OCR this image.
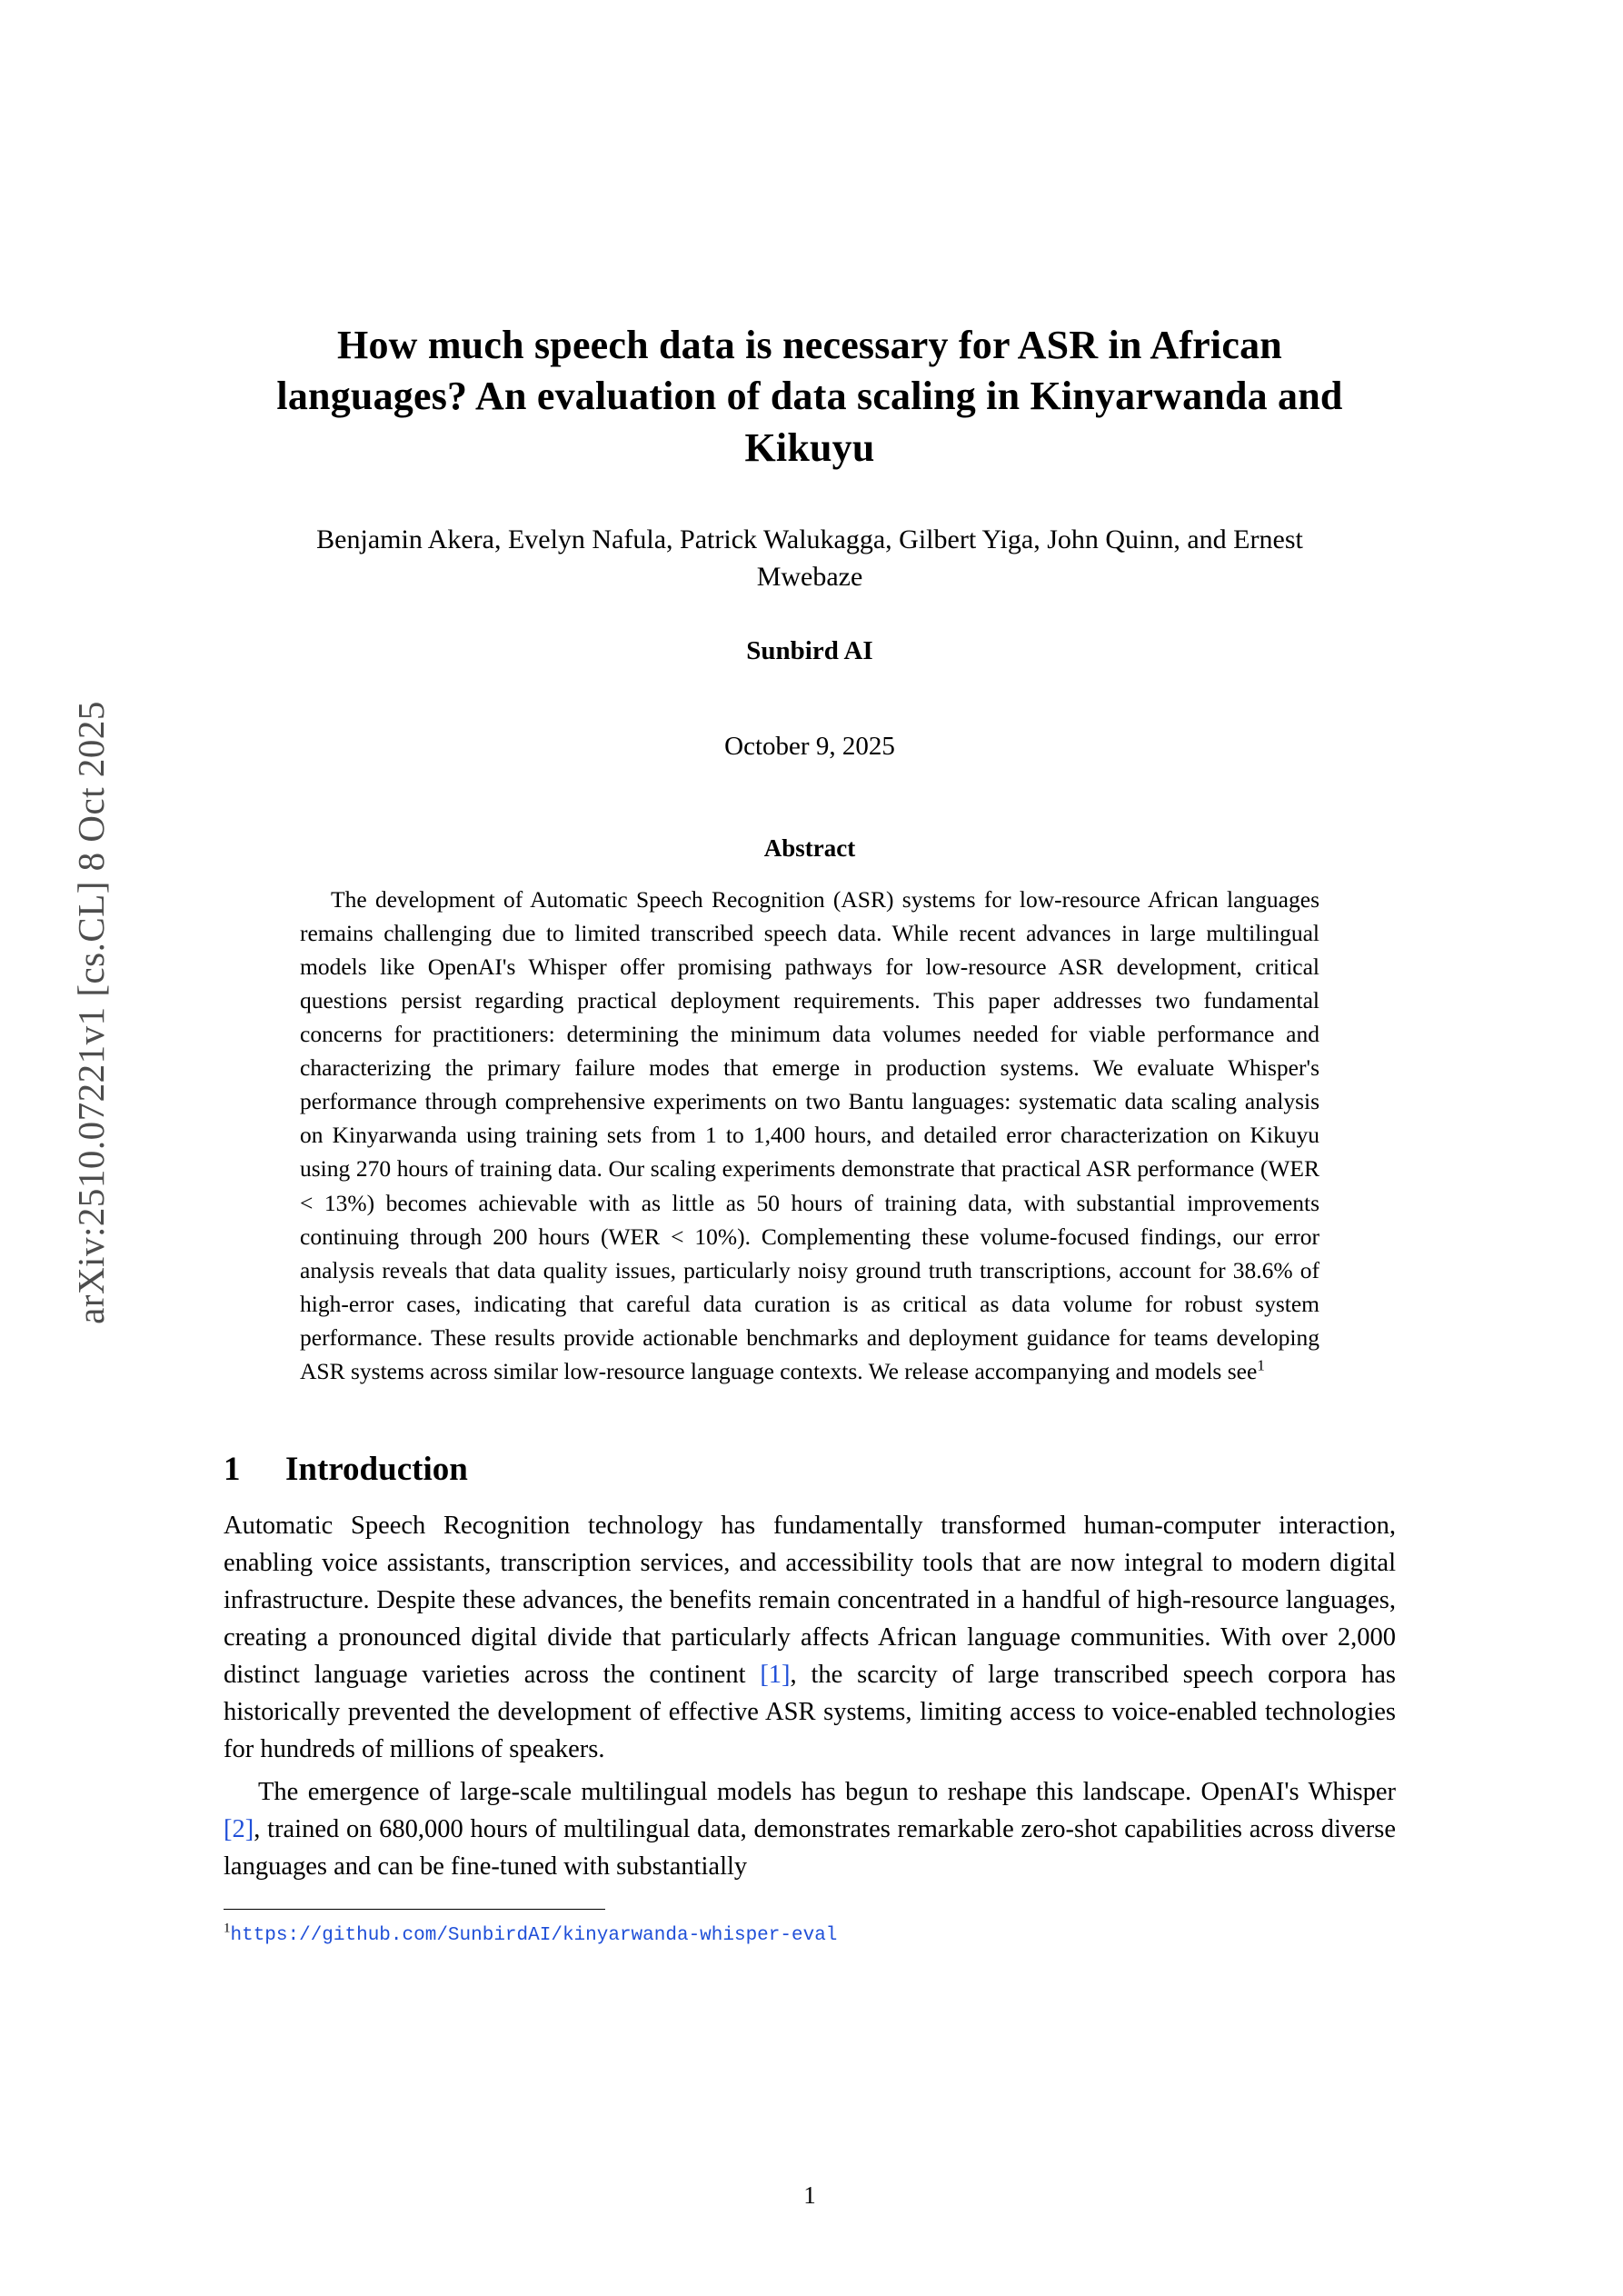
arXiv:2510.07221v1 [cs.CL] 8 Oct 2025
How much speech data is necessary for ASR in African languages? An evaluation of data scaling in Kinyarwanda and Kikuyu
Benjamin Akera, Evelyn Nafula, Patrick Walukagga, Gilbert Yiga, John Quinn, and Ernest Mwebaze
Sunbird AI
October 9, 2025
Abstract
The development of Automatic Speech Recognition (ASR) systems for low-resource African languages remains challenging due to limited transcribed speech data. While recent advances in large multilingual models like OpenAI's Whisper offer promising pathways for low-resource ASR development, critical questions persist regarding practical deployment requirements. This paper addresses two fundamental concerns for practitioners: determining the minimum data volumes needed for viable performance and characterizing the primary failure modes that emerge in production systems. We evaluate Whisper's performance through comprehensive experiments on two Bantu languages: systematic data scaling analysis on Kinyarwanda using training sets from 1 to 1,400 hours, and detailed error characterization on Kikuyu using 270 hours of training data. Our scaling experiments demonstrate that practical ASR performance (WER < 13%) becomes achievable with as little as 50 hours of training data, with substantial improvements continuing through 200 hours (WER < 10%). Complementing these volume-focused findings, our error analysis reveals that data quality issues, particularly noisy ground truth transcriptions, account for 38.6% of high-error cases, indicating that careful data curation is as critical as data volume for robust system performance. These results provide actionable benchmarks and deployment guidance for teams developing ASR systems across similar low-resource language contexts. We release accompanying and models see$^1$
1 Introduction
Automatic Speech Recognition technology has fundamentally transformed human-computer interaction, enabling voice assistants, transcription services, and accessibility tools that are now integral to modern digital infrastructure. Despite these advances, the benefits remain concentrated in a handful of high-resource languages, creating a pronounced digital divide that particularly affects African language communities. With over 2,000 distinct language varieties across the continent [1], the scarcity of large transcribed speech corpora has historically prevented the development of effective ASR systems, limiting access to voice-enabled technologies for hundreds of millions of speakers.
The emergence of large-scale multilingual models has begun to reshape this landscape. OpenAI's Whisper [2], trained on 680,000 hours of multilingual data, demonstrates remarkable zero-shot capabilities across diverse languages and can be fine-tuned with substantially
$^1$https://github.com/SunbirdAI/kinyarwanda-whisper-eval
1
